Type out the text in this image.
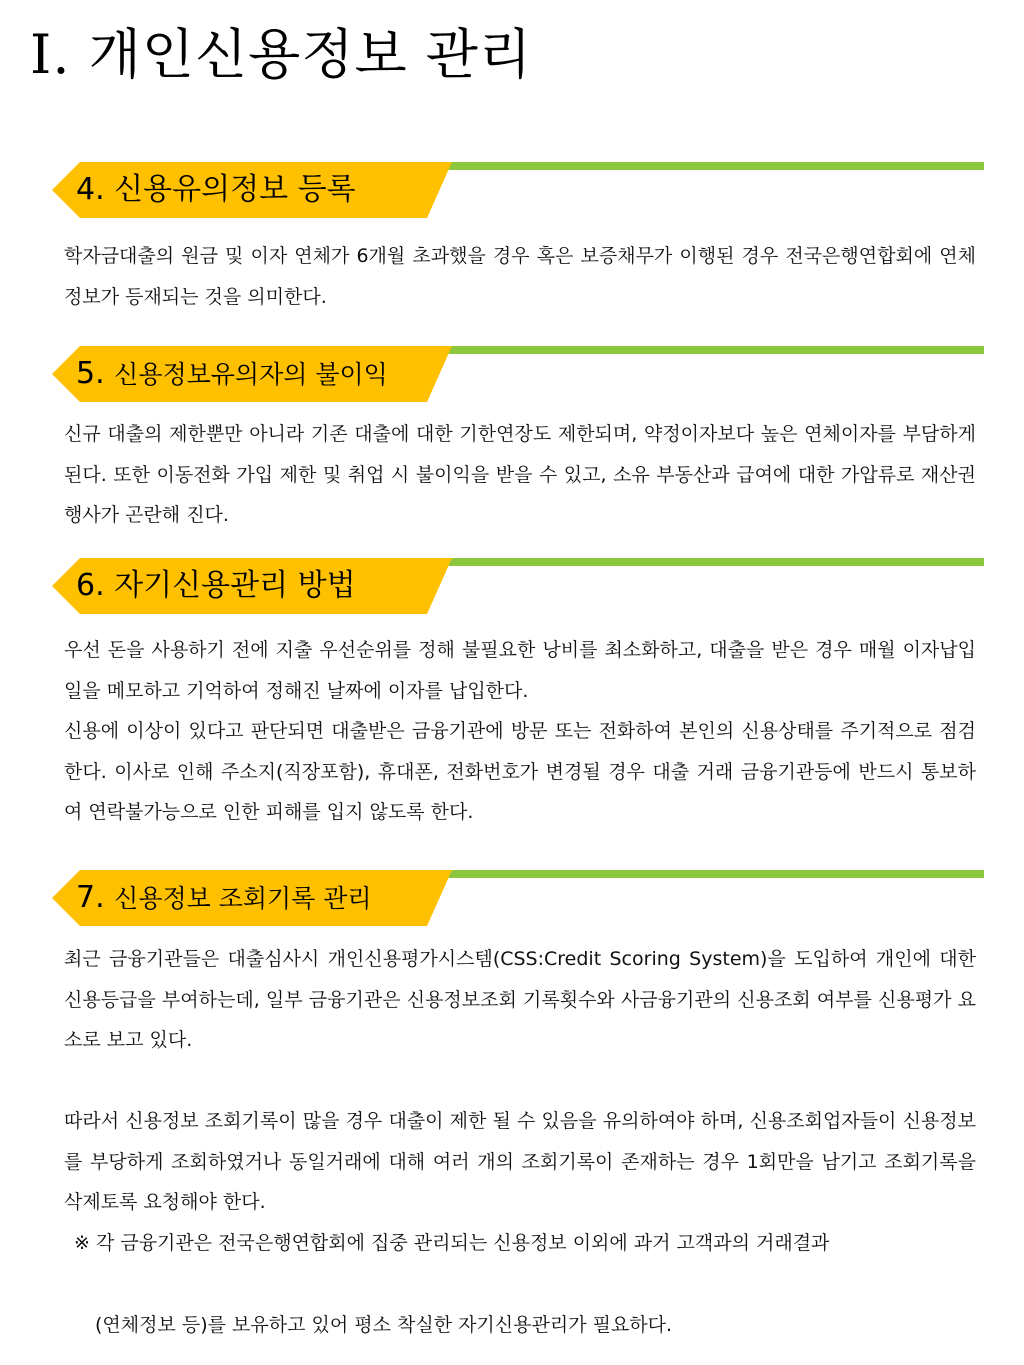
I. 개인신용정보 관리
4. 신용유의정보 등록
학자금대출의 원금 및 이자 연체가 6개월 초과했을 경우 혹은 보증채무가 이행된 경우 전국은행연합회에 연체정보가 등재되는 것을 의미한다.
5. 신용정보유의자의 불이익
신규 대출의 제한뿐만 아니라 기존 대출에 대한 기한연장도 제한되며, 약정이자보다 높은 연체이자를 부담하게 된다. 또한 이동전화 가입 제한 및 취업 시 불이익을 받을 수 있고, 소유 부동산과 급여에 대한 가압류로 재산권 행사가 곤란해 진다.
6. 자기신용관리 방법
우선 돈을 사용하기 전에 지출 우선순위를 정해 불필요한 낭비를 최소화하고, 대출을 받은 경우 매월 이자납입일을 메모하고 기억하여 정해진 날짜에 이자를 납입한다.
신용에 이상이 있다고 판단되면 대출받은 금융기관에 방문 또는 전화하여 본인의 신용상태를 주기적으로 점검한다. 이사로 인해 주소지(직장포함), 휴대폰, 전화번호가 변경될 경우 대출 거래 금융기관등에 반드시 통보하여 연락불가능으로 인한 피해를 입지 않도록 한다.
7. 신용정보 조회기록 관리
최근 금융기관들은 대출심사시 개인신용평가시스템(CSS:Credit Scoring System)을 도입하여 개인에 대한 신용등급을 부여하는데, 일부 금융기관은 신용정보조회 기록횟수와 사금융기관의 신용조회 여부를 신용평가 요소로 보고 있다.
따라서 신용정보 조회기록이 많을 경우 대출이 제한 될 수 있음을 유의하여야 하며, 신용조회업자들이 신용정보를 부당하게 조회하였거나 동일거래에 대해 여러 개의 조회기록이 존재하는 경우 1회만을 남기고 조회기록을 삭제토록 요청해야 한다.
※ 각 금융기관은 전국은행연합회에 집중 관리되는 신용정보 이외에 과거 고객과의 거래결과
(연체정보 등)를 보유하고 있어 평소 착실한 자기신용관리가 필요하다.
